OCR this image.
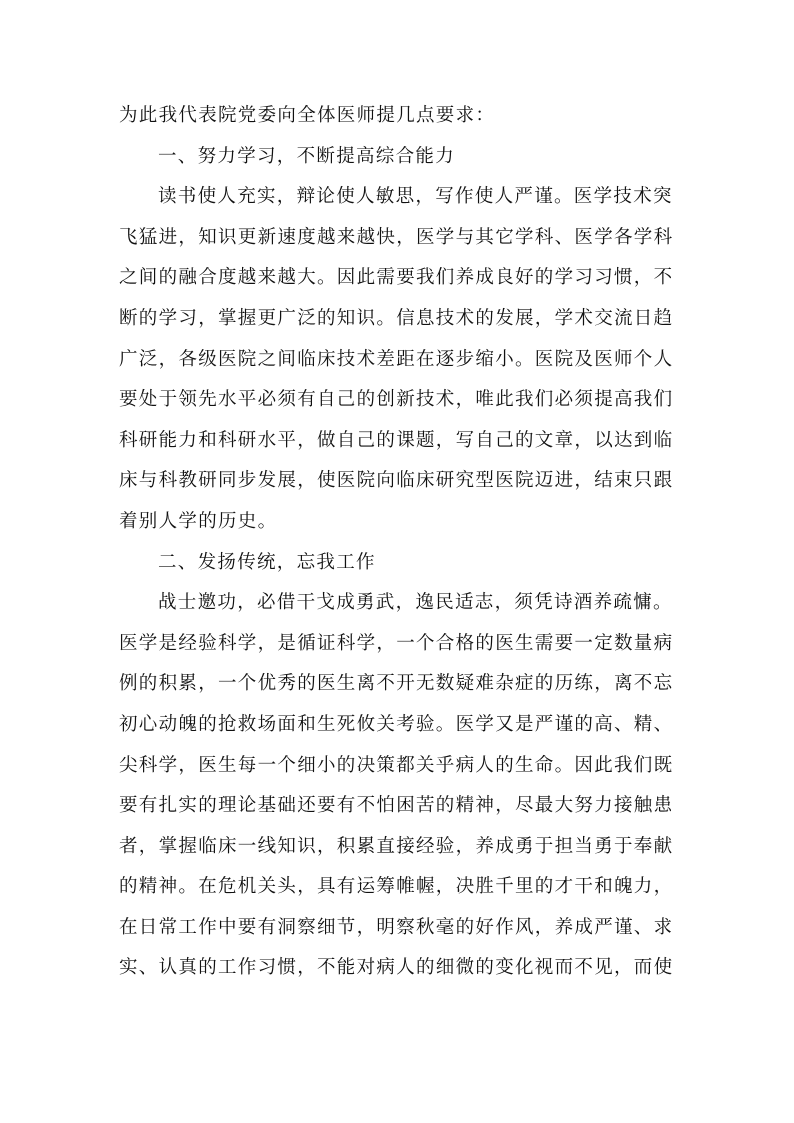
为此我代表院党委向全体医师提几点要求：
一、努力学习，不断提高综合能力
读书使人充实，辩论使人敏思，写作使人严谨。医学技术突
飞猛进，知识更新速度越来越快，医学与其它学科、医学各学科
之间的融合度越来越大。因此需要我们养成良好的学习习惯，不
断的学习，掌握更广泛的知识。信息技术的发展，学术交流日趋
广泛，各级医院之间临床技术差距在逐步缩小。医院及医师个人
要处于领先水平必须有自己的创新技术，唯此我们必须提高我们
科研能力和科研水平，做自己的课题，写自己的文章，以达到临
床与科教研同步发展，使医院向临床研究型医院迈进，结束只跟
着别人学的历史。
二、发扬传统，忘我工作
战士邀功，必借干戈成勇武，逸民适志，须凭诗酒养疏慵。
医学是经验科学，是循证科学，一个合格的医生需要一定数量病
例的积累，一个优秀的医生离不开无数疑难杂症的历练，离不忘
初心动魄的抢救场面和生死攸关考验。医学又是严谨的高、精、
尖科学，医生每一个细小的决策都关乎病人的生命。因此我们既
要有扎实的理论基础还要有不怕困苦的精神，尽最大努力接触患
者，掌握临床一线知识，积累直接经验，养成勇于担当勇于奉献
的精神。在危机关头，具有运筹帷幄，决胜千里的才干和魄力，
在日常工作中要有洞察细节，明察秋毫的好作风，养成严谨、求
实、认真的工作习惯，不能对病人的细微的变化视而不见，而使
